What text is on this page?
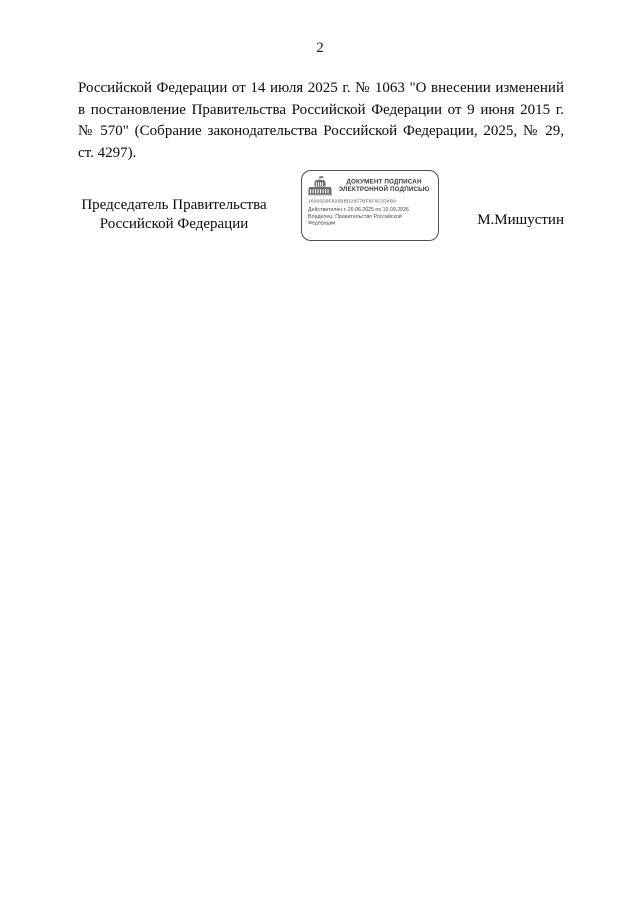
2
Российской Федерации от 14 июля 2025 г. № 1063 "О внесении изменений
в постановление Правительства Российской Федерации от 9 июня 2015 г.
№ 570" (Собрание законодательства Российской Федерации, 2025, № 29,
ст. 4297).
Председатель Правительства
Российской Федерации
ДОКУМЕНТ ПОДПИСАН
ЭЛЕКТРОННОЙ ПОДПИСЬЮ
16005D9F826BBD26F7BF8F9C334B9
Действителен с 26.06.2025 по 19.09.2026
Владелец: Правительство Российской
Федерации	М.Мишустин
